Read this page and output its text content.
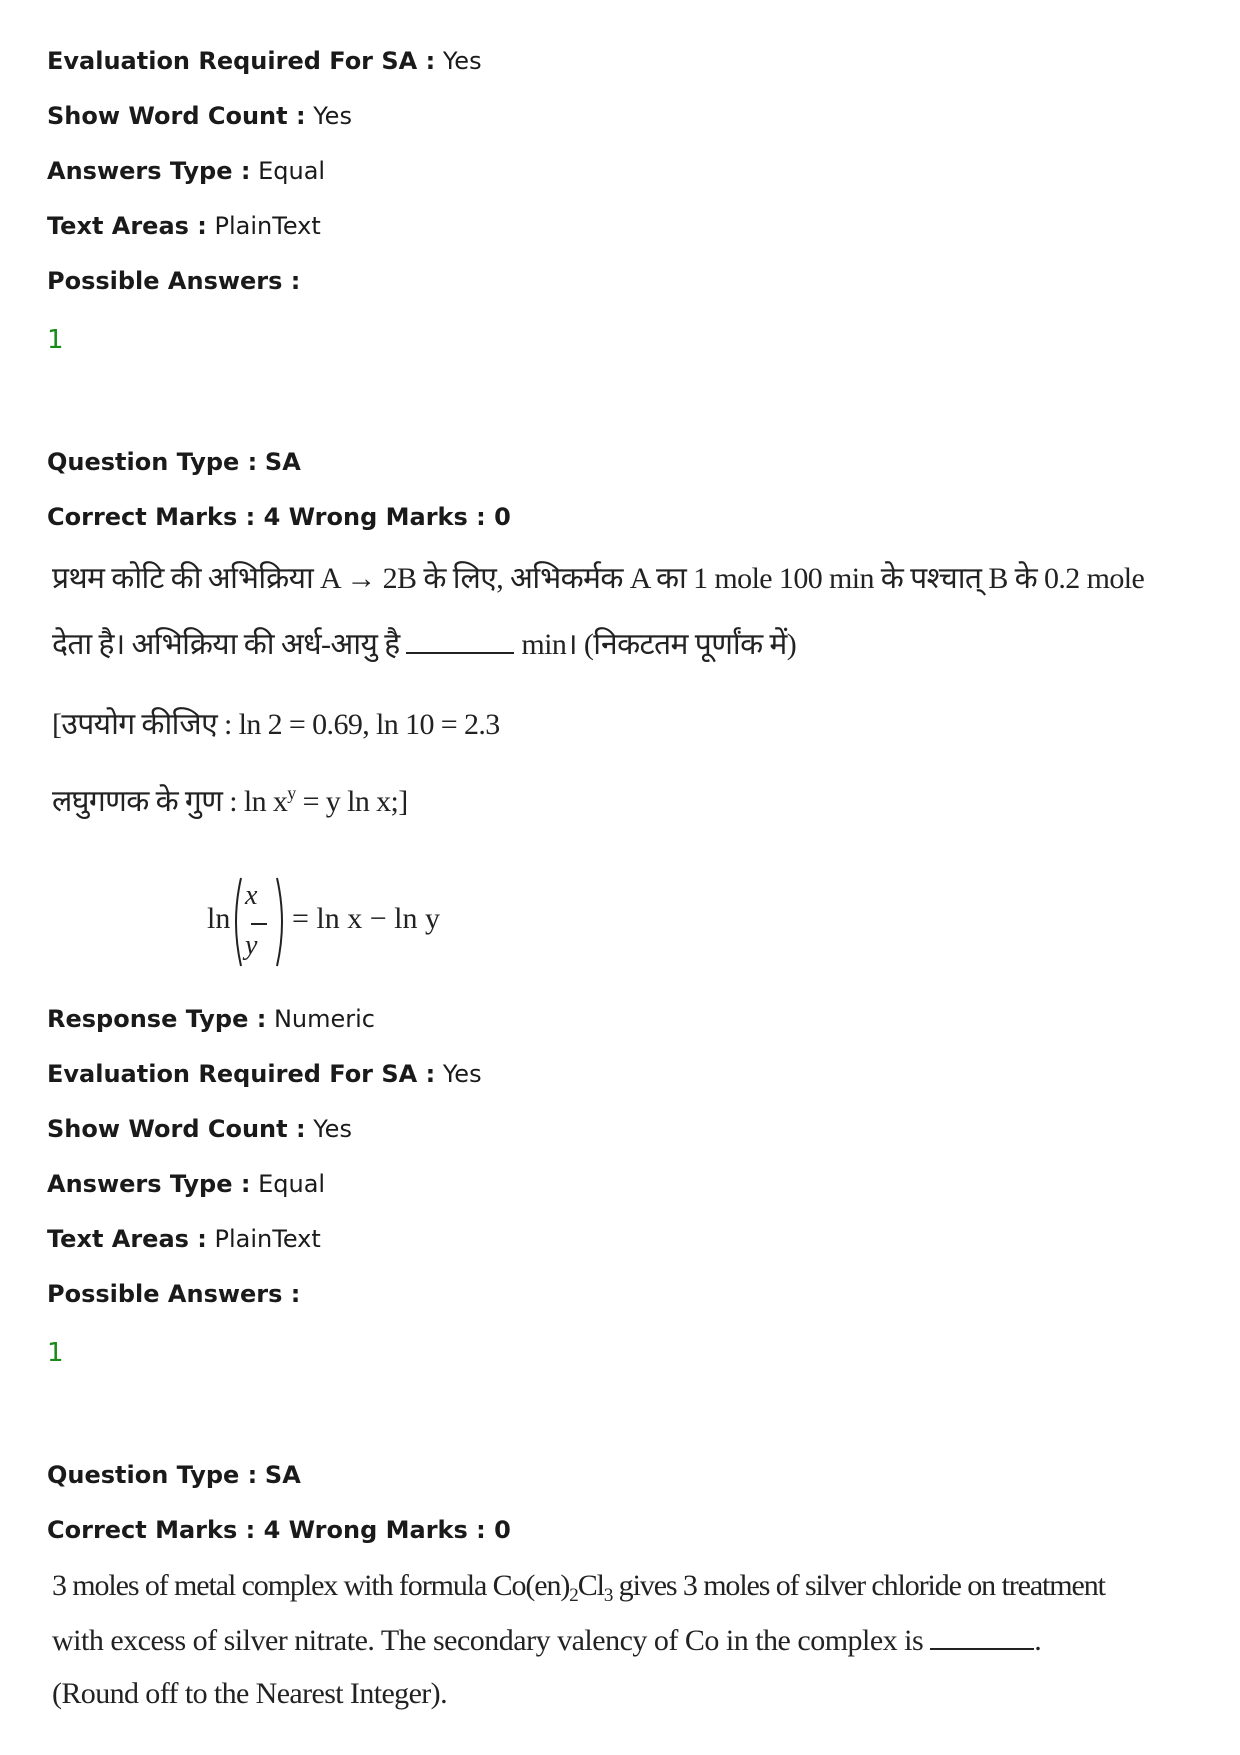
Evaluation Required For SA : Yes
Show Word Count : Yes
Answers Type : Equal
Text Areas : PlainText
Possible Answers :
1
Question Type : SA
Correct Marks : 4 Wrong Marks : 0
प्रथम कोटि की अभिक्रिया A → 2B के लिए, अभिकर्मक A का 1 mole 100 min के पश्चात् B के 0.2 mole
देता है। अभिक्रिया की अर्ध-आयु है	min। (निकटतम पूर्णांक में)
[उपयोग कीजिए : ln 2 = 0.69, ln 10 = 2.3
लघुगणक के गुण : $\ln x^y = y$ ln x;]
ln
x
y
= ln x − ln y
Response Type : Numeric
Evaluation Required For SA : Yes
Show Word Count : Yes
Answers Type : Equal
Text Areas : PlainText
Possible Answers :
1
Question Type : SA
Correct Marks : 4 Wrong Marks : 0
3 moles of metal complex with formula $Co(en)_2Cl_3$ gives 3 moles of silver chloride on treatment
with excess of silver nitrate. The secondary valency of Co in the complex is	.
(Round off to the Nearest Integer).
